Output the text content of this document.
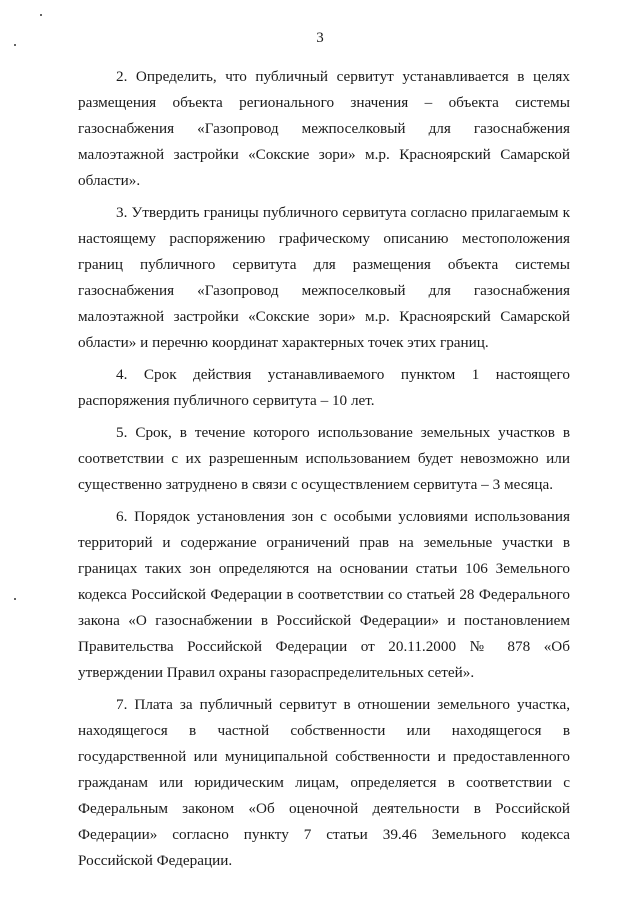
3

2. Определить, что публичный сервитут устанавливается в целях размещения объекта регионального значения – объекта системы газоснабжения «Газопровод межпоселковый для газоснабжения малоэтажной застройки «Сокские зори» м.р. Красноярский Самарской области».

3. Утвердить границы публичного сервитута согласно прилагаемым к настоящему распоряжению графическому описанию местоположения границ публичного сервитута для размещения объекта системы газоснабжения «Газопровод межпоселковый для газоснабжения малоэтажной застройки «Сокские зори» м.р. Красноярский Самарской области» и перечню координат характерных точек этих границ.

4. Срок действия устанавливаемого пунктом 1 настоящего распоряжения публичного сервитута – 10 лет.

5. Срок, в течение которого использование земельных участков в соответствии с их разрешенным использованием будет невозможно или существенно затруднено в связи с осуществлением сервитута – 3 месяца.

6. Порядок установления зон с особыми условиями использования территорий и содержание ограничений прав на земельные участки в границах таких зон определяются на основании статьи 106 Земельного кодекса Российской Федерации в соответствии со статьей 28 Федерального закона «О газоснабжении в Российской Федерации» и постановлением Правительства Российской Федерации от 20.11.2000 № 878 «Об утверждении Правил охраны газораспределительных сетей».

7. Плата за публичный сервитут в отношении земельного участка, находящегося в частной собственности или находящегося в государственной или муниципальной собственности и предоставленного гражданам или юридическим лицам, определяется в соответствии с Федеральным законом «Об оценочной деятельности в Российской Федерации» согласно пункту 7 статьи 39.46 Земельного кодекса Российской Федерации.
